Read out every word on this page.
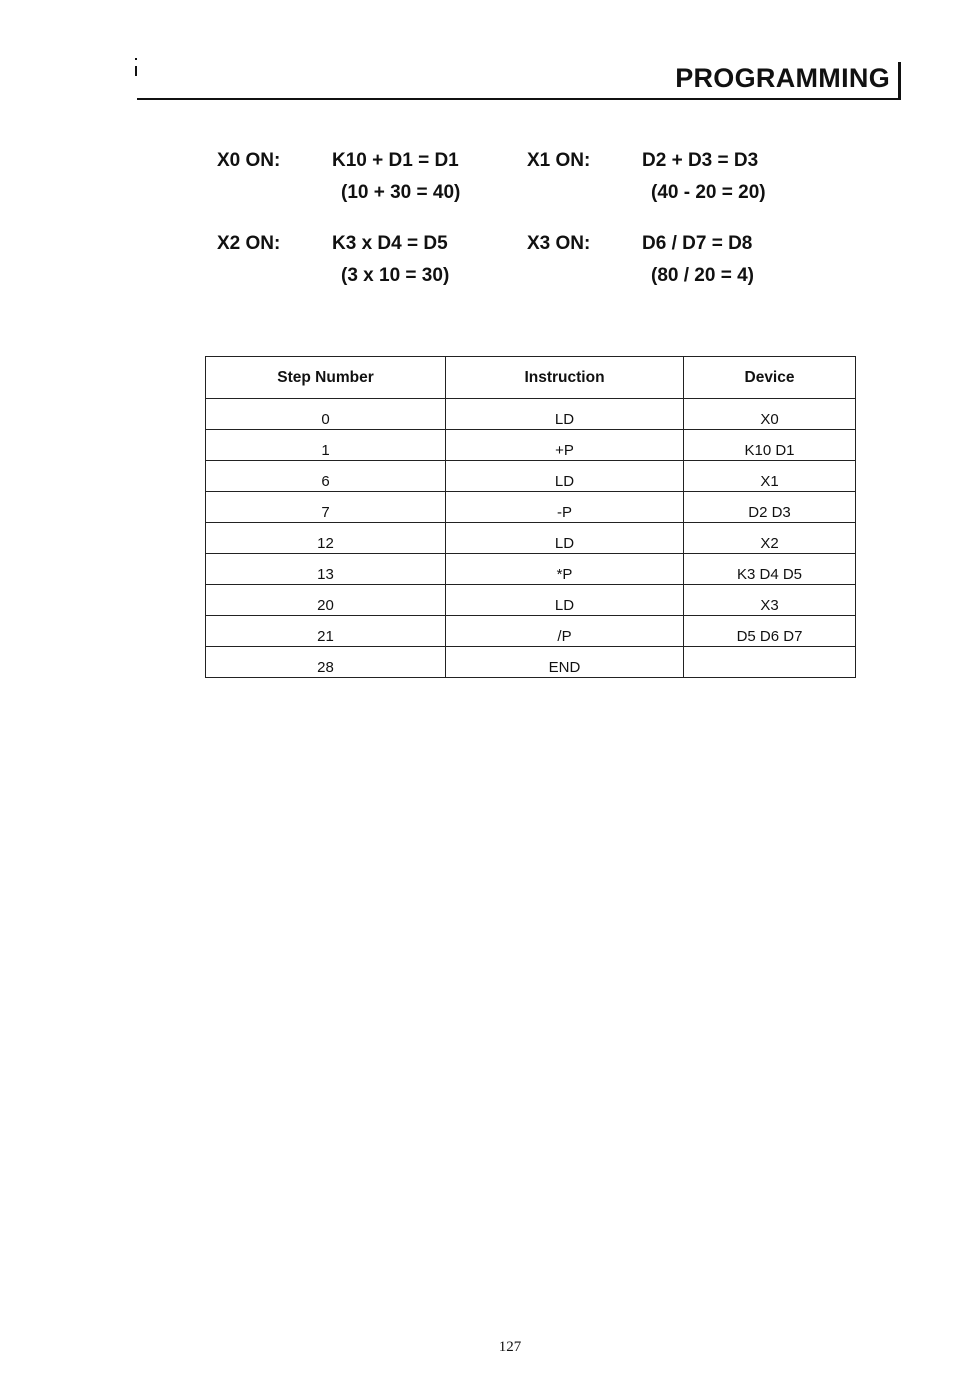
PROGRAMMING
X0 ON:	K10 + D1 = D1
(10 + 30 = 40)
X1 ON:	D2 + D3 = D3
(40 - 20 = 20)
X2 ON:	K3 x D4 = D5
(3 x 10 = 30)
X3 ON:	D6 / D7 = D8
(80 / 20 = 4)
Step Number	Instruction	Device
0	LD	X0
1	+P	K10 D1
6	LD	X1
7	-P	D2 D3
12	LD	X2
13	*P	K3 D4 D5
20	LD	X3
21	/P	D5 D6 D7
28	END	
127
